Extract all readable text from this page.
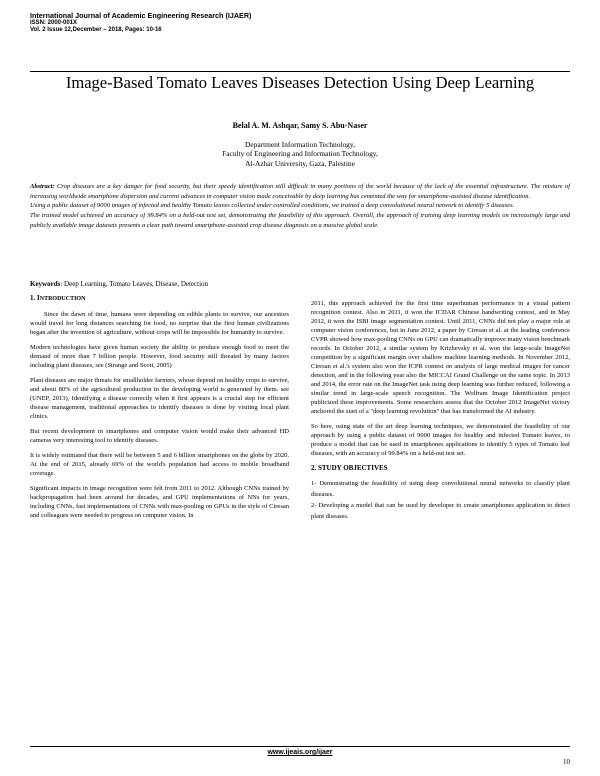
International Journal of Academic Engineering Research (IJAER)
ISSN: 2000-001X
Vol. 2 Issue 12,December – 2018, Pages: 10-16
Image-Based Tomato Leaves Diseases Detection Using Deep Learning
Belal A. M. Ashqar, Samy S. Abu-Naser
Department Information Technology,
Faculty of Engineering and Information Technology,
Al-Azhar University, Gaza, Palestine

Abstract: Crop diseases are a key danger for food security, but their speedy identification still difficult in many portions of the world because of the lack of the essential infrastructure. The mixture of increasing worldwide smartphone dispersion and current advances in computer vision made conceivable by deep learning has cemented the way for smartphone-assisted disease identification.

Using a public dataset of 9000 images of infected and healthy Tomato leaves collected under controlled conditions, we trained a deep convolutional neural network to identify 5 diseases.

The trained model achieved an accuracy of 99.84% on a held-out test set, demonstrating the feasibility of this approach. Overall, the approach of training deep learning models on increasingly large and publicly available image datasets presents a clear path toward smartphone-assisted crop disease diagnosis on a massive global scale.

Keywords: Deep Learning, Tomato Leaves, Disease, Detection
1. INTRODUCTION

Since the dawn of time, humans were depending on edible plants to survive, our ancestors would travel for long distances searching for food, no surprise that the first human civilizations began after the invention of agriculture, without crops will be impossible for humanity to survive.

Modern technologies have given human society the ability to produce enough food to meet the demand of more than 7 billion people. However, food security still threated by many factors including plant diseases, see (Strange and Scott, 2005)

Plant diseases are major threats for smallholder farmers, whose depend on healthy crops to survive, and about 80% of the agricultural production in the developing world is generated by them. see (UNEP, 2013), Identifying a disease correctly when it first appears is a crucial step for efficient disease management, traditional approaches to identify diseases is done by visiting local plant clinics.

But recent development in smartphones and computer vision would make their advanced HD cameras very interesting tool to identify diseases.

It is widely estimated that there will be between 5 and 6 billion smartphones on the globe by 2020. At the end of 2015, already 69% of the world's population had access to mobile broadband coverage.

Significant impacts in image recognition were felt from 2011 to 2012. Although CNNs trained by backpropagation had been around for decades, and GPU implementations of NNs for years, including CNNs, fast implementations of CNNs with max-pooling on GPUs in the style of Ciresan and colleagues were needed to progress on computer vision. In

2011, this approach achieved for the first time superhuman performance in a visual pattern recognition contest. Also in 2011, it won the ICDAR Chinese handwriting contest, and in May 2012, it won the ISBI image segmentation contest. Until 2011, CNNs did not play a major role at computer vision conferences, but in June 2012, a paper by Ciresan et al. at the leading conference CVPR showed how max-pooling CNNs on GPU can dramatically improve many vision benchmark records. In October 2012, a similar system by Krizhevsky et al. won the large-scale ImageNet competition by a significant margin over shallow machine learning methods. In November 2012, Ciresan et al.'s system also won the ICPR contest on analysis of large medical images for cancer detection, and in the following year also the MICCAI Grand Challenge on the same topic. In 2013 and 2014, the error rate on the ImageNet task using deep learning was further reduced, following a similar trend in large-scale speech recognition. The Wolfram Image Identification project publicized these improvements. Some researchers assess that the October 2012 ImageNet victory anchored the start of a "deep learning revolution" that has transformed the AI industry.

So here, using state of the art deep learning techniques, we demonstrated the feasibility of our approach by using a public dataset of 9000 images for healthy and infected Tomato leaves, to produce a model that can be used in smartphones applications to identify 5 types of Tomato leaf diseases, with an accuracy of 99.84% on a held-out test set.

2. STUDY OBJECTIVES

1- Demonstrating the feasibility of using deep convolutional neural networks to classify plant diseases.

2- Developing a model that can be used by developer to create smartphones application to detect plant diseases.

www.ijeais.org/ijaer
10
